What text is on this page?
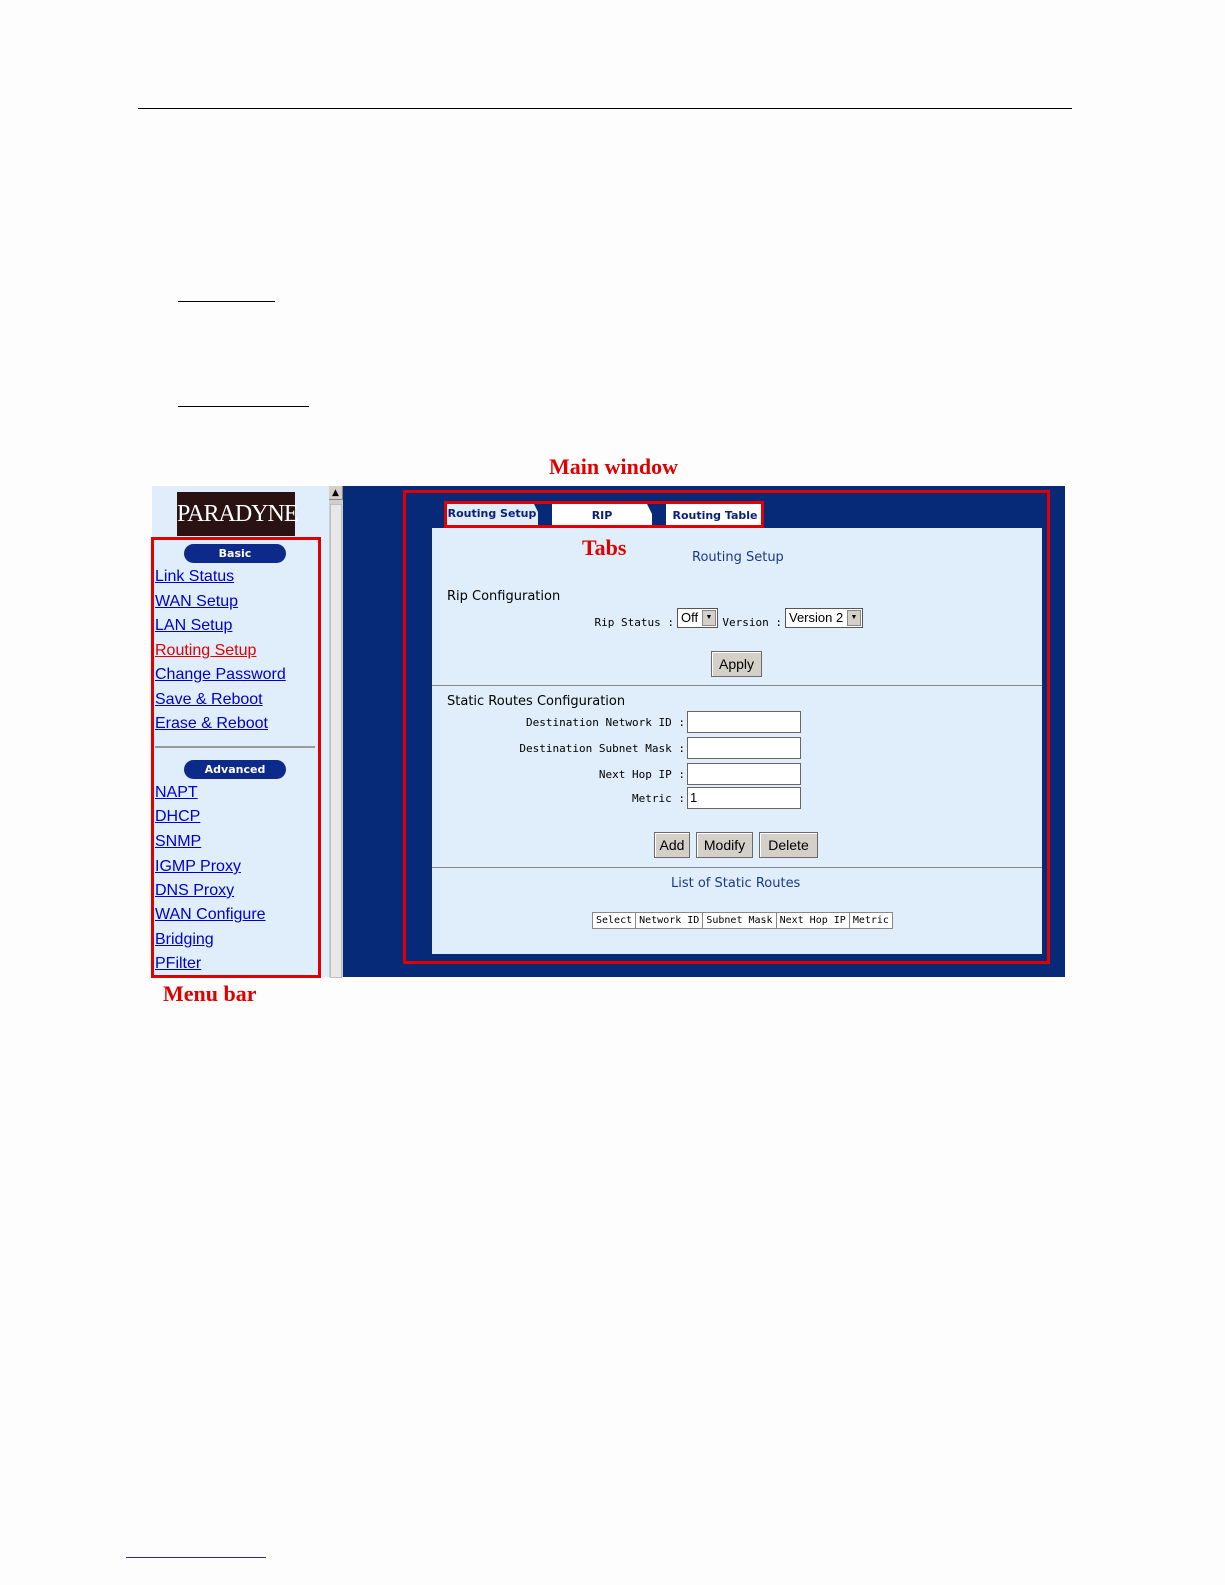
Main window
▲
PARADYNE
Basic
Link Status
WAN Setup
LAN Setup
Routing Setup
Change Password
Save & Reboot
Erase & Reboot
Advanced
NAPT
DHCP
SNMP
IGMP Proxy
DNS Proxy
WAN Configure
Bridging
PFilter
Routing Setup	RIP	Routing Table
Tabs	Routing Setup
Rip Configuration
Rip Status : Off	▼ Version : Version 2	▼
Apply
Static Routes Configuration
Destination Network ID :
Destination Subnet Mask :
Next Hop IP :
Metric : 1
Add	Modify	Delete
List of Static Routes
Select	Network ID	Subnet Mask	Next Hop IP	Metric
Menu bar
